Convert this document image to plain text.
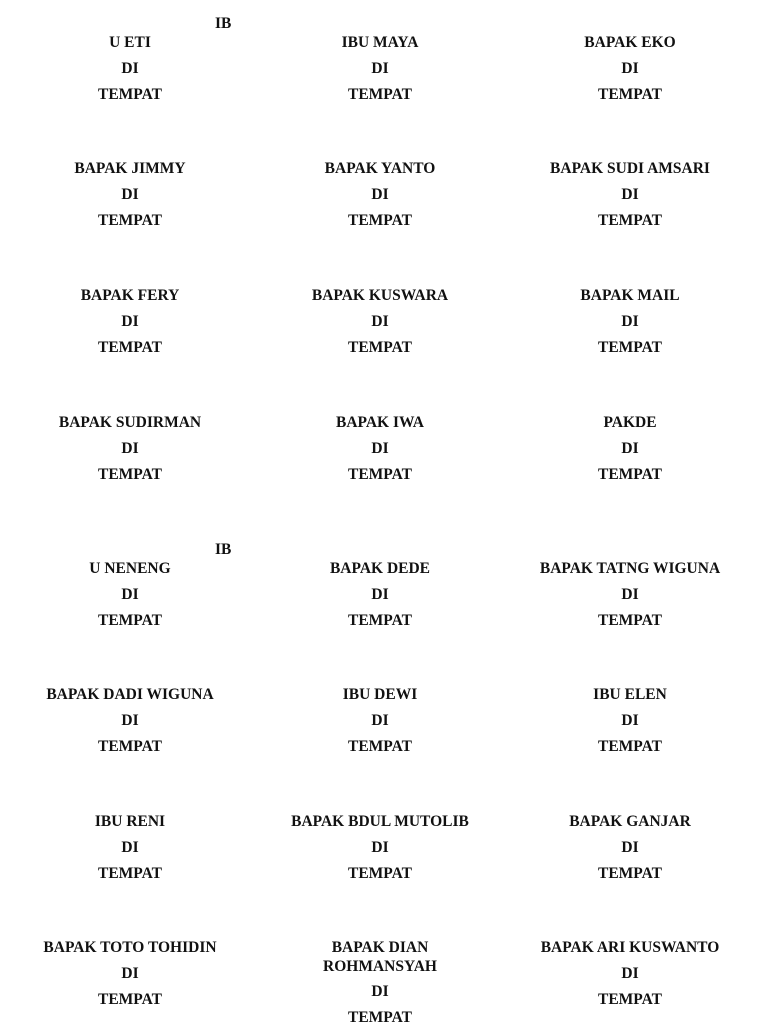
IB
IB
U ETI
DI
TEMPAT
IBU MAYA
DI
TEMPAT
BAPAK EKO
DI
TEMPAT
BAPAK JIMMY
DI
TEMPAT
BAPAK YANTO
DI
TEMPAT
BAPAK SUDI AMSARI
DI
TEMPAT
BAPAK FERY
DI
TEMPAT
BAPAK KUSWARA
DI
TEMPAT
BAPAK MAIL
DI
TEMPAT
BAPAK SUDIRMAN
DI
TEMPAT
BAPAK IWA
DI
TEMPAT
PAKDE
DI
TEMPAT
U NENENG
DI
TEMPAT
BAPAK DEDE
DI
TEMPAT
BAPAK TATNG WIGUNA
DI
TEMPAT
BAPAK DADI WIGUNA
DI
TEMPAT
IBU DEWI
DI
TEMPAT
IBU ELEN
DI
TEMPAT
IBU RENI
DI
TEMPAT
BAPAK BDUL MUTOLIB
DI
TEMPAT
BAPAK GANJAR
DI
TEMPAT
BAPAK TOTO TOHIDIN
DI
TEMPAT
BAPAK DIAN ROHMANSYAH
DI
TEMPAT
BAPAK ARI KUSWANTO
DI
TEMPAT
